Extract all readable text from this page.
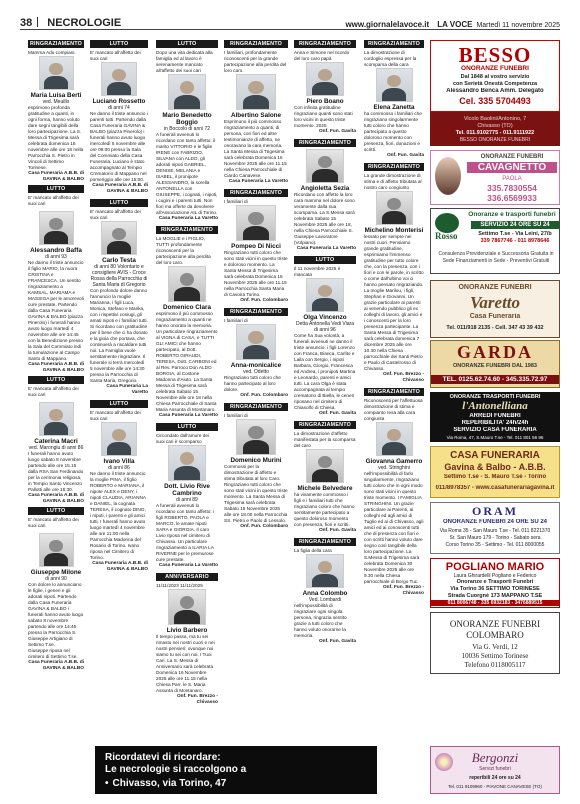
38 NECROLOGIE	www.giornalelavoce.it LA VOCE Martedì 11 novembre 2025
RINGRAZIAMENTO
Mamma Adu compiani.
Maria Luisa Berti
ved. Meuillo
esprimono profonda gratitudine a quanti, in ogni forma, hanno voluto dare segni tangibili della loro partecipazione. La S. Messa di Trigesima sarà celebrata domenica 16 novembre alle ore 18 nella Parrocchia S. Pietro in Vincoli di Settimo Torinese.
Casa Funeraria A.B.B. di GAVINA & BALBO
LUTTO
E' mancato all'affetto dei suoi cari
Alessandro Baffa
di anni 93
Ne danno il triste annuncio il figlio MARIO, la nuora CRISTINA e FRANCESCA. Un sentito ringraziamento a KAMSAL, MARIAMA e MASSIGA per le amorevoli cure prestate. Partendo dalla Casa Funeraria GAVINA & BALBO (piazza Pinerolo) i funerali hanno avuto luogo martedì 4 novembre alle ore 14:45 con la Benedizione presso la Sala del Commiato indi la tumulazione al Campo Santo di Mappano.
Casa Funeraria A.B.B. di GAVINA & BALBO
LUTTO
E' mancata all'affetto dei suoi cari
Caterina Macri
ved. Marongiu di anni 86
I funerali hanno avuto luogo sabato 8 novembre partendo alle ore 15.15 dalla RSA San Ferdinando per la cerimonia religiosa, in Tempio Santo Vincenzo Pallotti alle ore 15:30.
Casa Funeraria A.B.B. di GAVINA & BALBO
LUTTO
E' mancato all'affetto dei suoi cari
Giuseppe Milone
di anni 90
Con dolore lo annunciano le figlie, i generi e gli adorati nipoti. Partendo dalla Casa Funeraria GAVINA & BALBO i funerali hanno avuto luogo sabato 8 novembre partendo alle ore 14:45 presso la Parrocchia S. Giuseppe Artigiano di Settimo T.se.
Giuseppe riposa nel cimitero di Settimo T.se.
Casa Funeraria A.B.B. di GAVINA & BALBO
LUTTO
E' mancato all'affetto dei suoi cari
Luciano Rossetto
di anni 74
Ne danno il triste annuncio i parenti tutti. Partendo dalla Casa Funeraria GAVINA & BALBO (piazza Pinerolo) i funerali hanno avuto luogo mercoledì 5 novembre alle ore 09:00 presso la Sala del Commiato della Casa Funeraria. Luciano è stato accompagnato al Tempio Crematorio di Mappano nel pomeriggio alle ore 15:00.
Casa Funeraria A.B.B. di GAVINA & BALBO
LUTTO
E' mancato all'affetto dei suoi cari
Carlo Testa
di anni 80 Volontario e consigliere AVIS - Croce Rossa della Parrocchia di Santa Maria di Gregorio
Con profondo dolore danno l'annuncio la moglie Marianna, i figli Luca, Monica, Stefano e Marika, con i rispettivi coniugi, gli amati nipoti e i familiari tutti. Si ricordano con gratitudine per il bene che ci ha donato e la gioia che portava, che continuerà a riscaldare tutti noi. La Famiglia vuole sentitamente ringraziare. Il funerale si terrà mercoledì 5 novembre alle ore 14:30 presso la Parrocchia di Santa Maria, Gregorio.
Casa Funeraria La Varetto
LUTTO
E' mancato all'affetto dei suoi cari
Ivano Villa
di anni 86
Ne danno il triste annuncio la moglie PINA, il figlio ROBERTO e MARIANA, il nipote ALEX e DENY, i nipoti CLAUDIA, ARIANNA e DANIEL, la cognata TERESA, il cognato DINO, i nipoti, i parenti e gli amici tutti. I funerali hanno avuto luogo martedì 4 novembre alle ore 11:00 nella Parrocchia Madonna del Rosario di Torino. Ivano riposa nel Cimitero di Torino.
Casa Funeraria A.B.B. di GAVINA & BALBO
LUTTO
Dopo una vita dedicata alla famiglia ed al lavoro è serenamente mancato all'affetto dei suoi cari
Mario Benedetto Boggio
in Boccolo di anni 72
A funerali avvenuti lo ricordano con tanto affetto: il marito VITTORIO e le figlie IRENE con FABRIZIO, SILVANA con ALDO, gli adorati nipoti GABRIEL, DENISE, MELANIA e ISABEL, il pronipote ALESSANDRO, la sorella ANTONELLA con GIUSEPPE, i cognati, i nipoti, i cugini e i parenti tutti. Non fiori ma offerte da devolvere all'Associazione AIL di Torino.
Casa Funeraria La Varetto
RINGRAZIAMENTO
La MOGLIE e i FIGLIO, TUTTI profondamente riconoscenti per la partecipazione alla perdita del loro caro.
Domenico Clara
esprimono il più commosso ringraziamento a quanti ne hanno onorato la memoria. Un particolare ringraziamento al VIGNA di CASA, e TUTTI GLI AMICI che hanno partecipato, al Dott. ROBERTO GIRAUDI, TERESA, Dott. CARBONI ed al Rev. Parroco Don ALDO BORGIA, al Costone Madonna d'Aiuto. La Santa Messa di Trigesima sarà celebrata Sabato 15 Novembre alle ore 18 nella Chiesa Parrocchiale di Santa Maria Assunta di Montanaro.
Casa Funeraria La Varetto
LUTTO
Circondato dall'amore dei suoi cari è scomparso
Dott. Livio Rive Cambrino
di anni 89
A funerali avvenuti lo ricordano con tanto affetto: i figli ROBERTO, PAOLA e MARCO, le amate nipoti SARA e GIORGIA. Il caro Livio riposa nel cimitero di Chivasso. Un particolare ringraziamento a ILARIA LA RIVERNE per le premurose cure prestate.
Casa Funeraria La Varetto
ANNIVERSARIO
11/11/2023 11/11/2025
Livio Barbero
Il tempo passa, ma tu sei rimasto nei nostri cuori e nei nostri pensieri: ovunque noi siamo tu sei con noi. I Tuoi Cari. La S. Messa di Anniversario sarà celebrata Domenica 16 Novembre 2025 alle ore 11.15 nella Chiesa Parr. le S. Maria Assunta di Montanaro.
Onf. Fun. Brezzo - Chivasso
RINGRAZIAMENTO
I familiari, profondamente riconoscenti per la grande partecipazione alla perdita del loro caro.
Albertino Salone
Esprimono il più commosso ringraziamento a quanti, di persona, con fiori ed altre testimonianze di affetto, ne onoravano la cara memoria. La Santa Messa di Trigesima sarà celebrata Domenica 16 Novembre 2025 alle ore 11.15 nella Chiesa Parrocchiale di Ciardo Canavese.
Casa Funeraria La Varetto
RINGRAZIAMENTO
I familiari di
Pompeo Di Nicci
Ringraziano tutti coloro che sono stati vicini in questo triste e doloroso momento. La Santa Messa di Trigesima sarà celebrata Domenica 16 Novembre 2025 alle ore 11.15 nella Parrocchia Santa Maria di Cavoira Torino.
Onf. Fun. Colombaro
RINGRAZIAMENTO
I familiari di
Anna-monicalice
ved. Odetto
Ringraziano tutti coloro che hanno partecipato al loro dolore.
Onf. Fun. Colombaro
RINGRAZIAMENTO
I familiari di
Domenico Murini
Commossi per la dimostrazione di affetto e stima tributata al loro Caro. Ringraziano tutti coloro che sono stati vicini in questo triste momento. La Santa Messa di Trigesima sarà celebrata Sabato 15 Novembre 2025 alle ore 18.00 nella Parrocchia SS. Pietro e Paolo di Lessolo.
Onf. Fun. Colombaro
RINGRAZIAMENTO
Anna e Simone nel ricordo del loro caro papà
Piero Boano
Con infinita gratitudine ringraziano quanti sono stati loro vicini in questo triste momento. 2025
Onf. Fun. Gavita
RINGRAZIAMENTO
Angioletta Sezia
Ricordano con affetto la loro cara mamma nel dolore sono veramente dalla sua scomparsa. La S.Messa sarà celebrata Sabato 15 Novembre 2025 alle ore 18, nella Chiesa Parrocchiale S. Giuseppe Lavoratore (Volpiano).
Casa Funeraria La Varetto
LUTTO
Il 11 novembre 2025 è mancata
Olga Vincenzo
Detta Antonella Vedi Viara di anni 96
Come ha Sua volontà, a funerali avvenuti ne danno il triste annuncio: i figli Lorenzo con Franca, Bianca, Carlito e Laila con Sergio, i nipoti Barbara, Giorgio, Francesca ed Andrea, i pronipoti Martina e Leonardo, parenti e amici tutti. La cara Olga è stata accompagnata al tempio crematorio di Biella, le ceneri riposano nel cimitero di Chiasolfo di Chiesa.
Onf. Fun. Gavita
RINGRAZIAMENTO
La dimostrazione d'affetto manifestata per la scomparsa del caro
Michele Belvedere
ha vivamente commosso i figli e i familiari tutti che ringraziano coloro che hanno sentitamente partecipato a questo doloroso momento con presenza, fiori e scritti.
Onf. Fun. Gavita
RINGRAZIAMENTO
La figlia della cara
Anna Colombo
Ved. Lombardi
nell'impossibilità di ringraziare ogni singola persona, ringrazia sentito grazie a tutti coloro che hanno voluto onorarne la memoria.
Onf. Fun. Gavita
RINGRAZIAMENTO
La dimostrazione di cordoglio espressa per la scomparsa della cara
Elena Zanetta
ha commosso i familiari che ringraziano singolarmente tutti coloro che hanno partecipato a questo doloroso momento con presenza, fiori, donazioni e scritti.
Onf. Fun. Gavita
RINGRAZIAMENTO
La grande dimostrazione di stima e di affetto tributata al nostro caro congiunto
Michelino Monterisi
lessato per sempre nei nostri cuori. Pensiamo grande gratitudine, esprimiamo l'immenso gratitudine per tutto colore che, con la presenza, con i fiori e con le parole, in scritto o come dall'ultimo voi ci hanno pensato ringraziando. La moglie Marilou, i figli, Stephan e Giovanni. Un grazie particolare ai parenti ai venendo pubblico gli ex colleghi di lavoro, gli amici e i conoscenti per la loro presenza partecipante. La Santa Messa di Trigesima sarà celebrata domenica 7 dicembre 2025 alle ore 10.30 nella Chiesa parrocchiale dei Santi Pietro e Paolo di Castelrosso di Chivasso.
Onf. Fun. Brezzo - Chivasso
RINGRAZIAMENTO
Riconoscenti per l'affettuosa dimostrazione di stima e compianto resa alla cara congiunta
Giovanna Gamerro
ved. Stringhini
nell'impossibilità di farlo singolarmente, ringraziano tutti coloro che in ogni modo sono stati vicini in questo triste momento. I FAMIGLIA STRINGHINI. Un grazie particolare ai Parenti, ai colleghi ed agli amici di Tuglio ed ai di Chivasso, agli amici ed ai conoscenti tutti che di presenza con fiori e con scritti hanno voluto dare segno così tangibile della loro partecipazione. La S.Messa di Trigesima sarà celebrata Domenica 30 Novembre 2025 alle ore 9.30 nella Chiesa parrocchiale di Borgo Tuc.
Onf. Fun. Brezzo - Chivasso
BESSO
ONORANZE FUNEBRI
Dal 1848 al vostro servizio
con Serietà Onestà Competenza
Alessandro Benca Amm. Delegato
Cel. 335 5704493
Vicolo Baolini/Antonino, 7
Chivasso (TO)
Tel. 011.9102775 - 011.9111922
BESSO ONORANZE FUNEBRI
ONORANZE FUNEBRI
CAVAGNETTO
PAOLA
335.7830554
336.6569933
Rosso
Onoranze e trasporti funebri
SERVIZIO 24 ORE SU 24
Settimo T.se - Via Leini, 27/b
339 7867746 - 011 8978646
Consulenza Previdenziale e Successoria Gratuita in Sede Finanziamenti in Sede - Preventivi Gratuiti
ONORANZE FUNEBRI
Varetto
Casa Funeraria
Tel. 011/918 2135 - Cell. 347 43 39 432
GARDA
ONORANZE FUNEBRI DAL 1983
TEL. 0125.62.74.60 - 345.335.72.97
ONORANZE TRASPORTI FUNEBRI
l'Antonelliana
ARREDI FUNEBRI
REPERIBILITA' 24h/24h
SERVIZIO CASA FUNERARIA
Via Roma, 47, S.Mauro T.se - Tel. 011 801 56 96
CASA FUNERARIA
Gavina & Balbo - A.B.B.
Settimo T.se - S. Mauro T.se - Torino
011/8978357 - www.casafunerariagavina.it
ORAM
ONORANZE FUNEBRI 24 ORE SU 24
Via Roma 35 - San Mauro T.se - Tel. 011 8221370
Sr. San Mauro 179 - Torino - Sabato sera
Corso Torino 35 - Settimo - Tel. 011 8000055
POGLIANO MARIO
Laura Ghirardelli Pogliano e Federico
Onoranze e Trasporti Funebri
Via Torino 36 SETTIMO TORINESE
Strada Cuorgnè 173 MAPPANO T.SE
011 8006748 - 335 6932183 - 3476889515
ONORANZE FUNEBRI
COLOMBARO
Via G. Verdi, 12
10036 Settimo Torinese
Telefono 0118005117
Bergonzi
Servizi funebri
reperibili 24 ore su 24
Tel. 011 9109960 - PIAVONE CANAVESE (TO)
Ricordatevi di ricordare:
Le necrologie si raccolgono a
• Chivasso, via Torino, 47
